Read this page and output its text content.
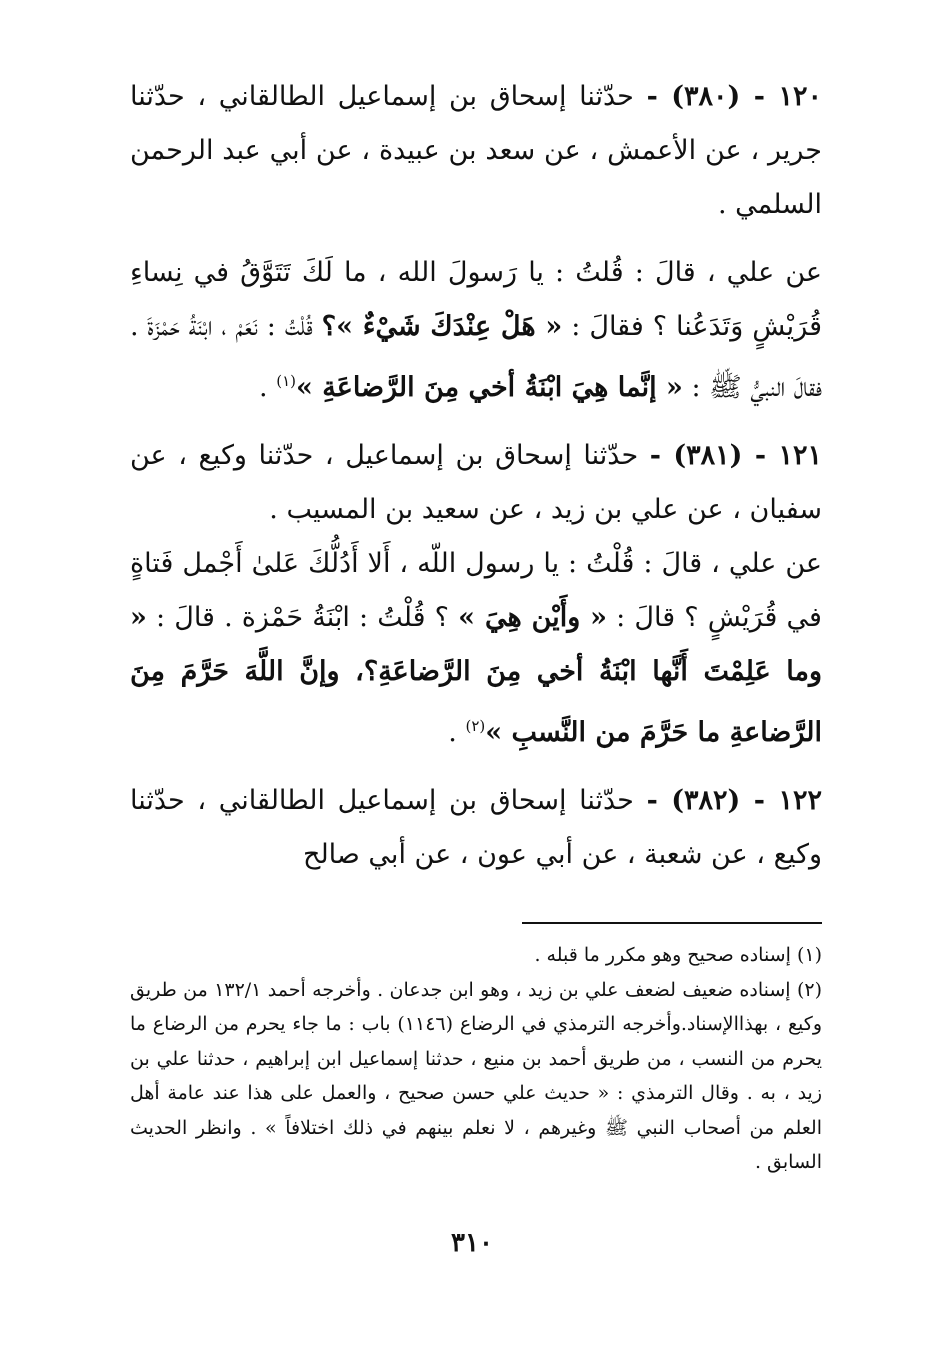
١٢٠ - (٣٨٠) - حدّثنا إسحاق بن إسماعيل الطالقاني ، حدّثنا جرير ، عن الأعمش ، عن سعد بن عبيدة ، عن أبي عبد الرحمن السلمي .

عن علي ، قالَ : قُلتُ : يا رَسولَ الله ، ما لَكَ تَتَوَّقُ في نِساءِ قُرَيْشٍ وَتَدَعُنا ؟ فقالَ : « هَلْ عِنْدَكَ شَيْءٌ »؟ قُلْتُ : نَعَمْ ، ابْنَةُ حَمْزَةَ . فقالَ النبيُّ ﷺ : « إنَّما هِيَ ابْنَةُ أخي مِنَ الرَّضاعَةِ »$^{(١)}$ .

١٢١ - (٣٨١) - حدّثنا إسحاق بن إسماعيل ، حدّثنا وكيع ، عن سفيان ، عن علي بن زيد ، عن سعيد بن المسيب .

عن علي ، قالَ : قُلْتُ : يا رسول اللّه ، أَلا أَدُلُّكَ عَلىٰ أَجْمل فَتاةٍ في قُرَيْشٍ ؟ قالَ : « وأَيْن هِيَ » ؟ قُلْتُ : ابْنَةُ حَمْزة . قالَ : « وما عَلِمْتَ أَنَّها ابْنَةُ أخي مِنَ الرَّضاعَةِ؟، وإنَّ اللَّهَ حَرَّمَ مِنَ الرَّضاعةِ ما حَرَّمَ من النَّسبِ »$^{(٢)}$ .

١٢٢ - (٣٨٢) - حدّثنا إسحاق بن إسماعيل الطالقاني ، حدّثنا وكيع ، عن شعبة ، عن أبي عون ، عن أبي صالح

(١) إسناده صحيح وهو مكرر ما قبله .

(٢) إسناده ضعيف لضعف علي بن زيد ، وهو ابن جدعان . وأخرجه أحمد ١٣٢/١ من طريق وكيع ، بهذاالإسناد.وأخرجه الترمذي في الرضاع (١١٤٦) باب : ما جاء يحرم من الرضاع ما يحرم من النسب ، من طريق أحمد بن منيع ، حدثنا إسماعيل ابن إبراهيم ، حدثنا علي بن زيد ، به . وقال الترمذي : « حديث علي حسن صحيح ، والعمل على هذا عند عامة أهل العلم من أصحاب النبي ﷺ وغيرهم ، لا نعلم بينهم في ذلك اختلافاً » . وانظر الحديث السابق .

٣١٠
